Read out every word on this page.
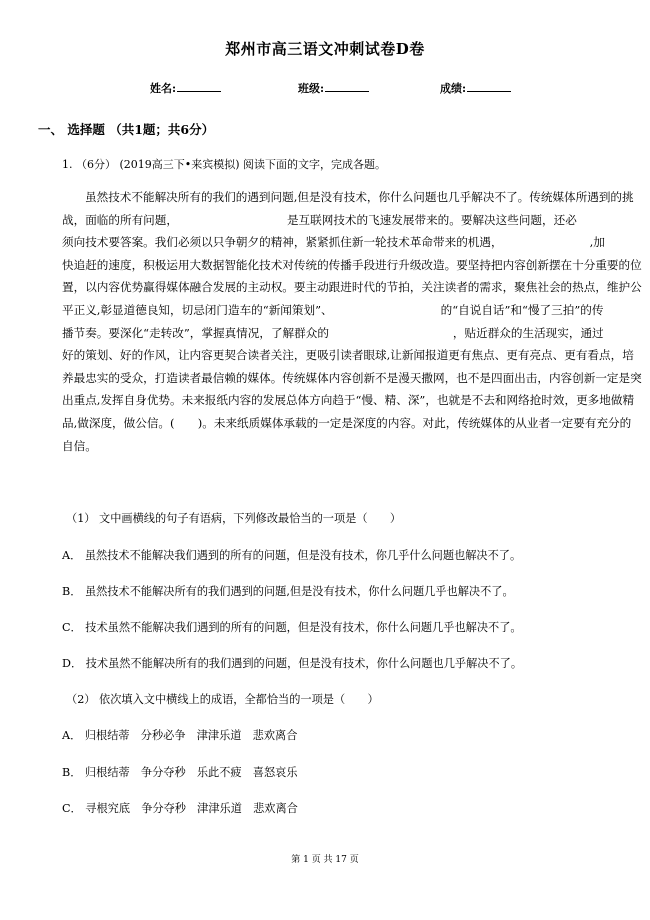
郑州市高三语文冲刺试卷D卷
姓名:	班级:	成绩:
一、 选择题 （共1题；共6分）
1. （6分） (2019高三下•来宾模拟) 阅读下面的文字，完成各题。
虽然技术不能解决所有的我们的遇到问题,但是没有技术，你什么问题也几乎解决不了。传统媒体所遇到的挑
战，面临的所有问题，	是互联网技术的飞速发展带来的。要解决这些问题，还必
须向技术要答案。我们必须以只争朝夕的精神，紧紧抓住新一轮技术革命带来的机遇，	,加
快追赶的速度，积极运用大数据智能化技术对传统的传播手段进行升级改造。要坚持把内容创新摆在十分重要的位
置，以内容优势赢得媒体融合发展的主动权。要主动跟进时代的节拍，关注读者的需求，聚焦社会的热点，维护公
平正义,彰显道德良知，切忌闭门造车的“新闻策划”、	的“自说自话”和“慢了三拍”的传
播节奏。要深化“走转改”，掌握真情况，了解群众的	，贴近群众的生活现实，通过
好的策划、好的作风，让内容更契合读者关注，更吸引读者眼球,让新闻报道更有焦点、更有亮点、更有看点，培
养最忠实的受众，打造读者最信赖的媒体。传统媒体内容创新不是漫天撒网，也不是四面出击，内容创新一定是突
出重点,发挥自身优势。未来报纸内容的发展总体方向趋于“慢、精、深”，也就是不去和网络抢时效，更多地做精
品,做深度，做公信。(　　)。未来纸质媒体承载的一定是深度的内容。对此，传统媒体的从业者一定要有充分的
自信。
（1） 文中画横线的句子有语病，下列修改最恰当的一项是（　　）
A． 虽然技术不能解决我们遇到的所有的问题，但是没有技术，你几乎什么问题也解决不了。
B． 虽然技术不能解决所有的我们遇到的问题,但是没有技术，你什么问题几乎也解决不了。
C． 技术虽然不能解决我们遇到的所有的问题，但是没有技术，你什么问题几乎也解决不了。
D． 技术虽然不能解决所有的我们遇到的问题，但是没有技术，你什么问题也几乎解决不了。
（2） 依次填入文中横线上的成语，全都恰当的一项是（　　）
A． 归根结蒂　分秒必争　津津乐道　悲欢离合
B． 归根结蒂　争分夺秒　乐此不疲　喜怒哀乐
C． 寻根究底　争分夺秒　津津乐道　悲欢离合
第 1 页 共 17 页
